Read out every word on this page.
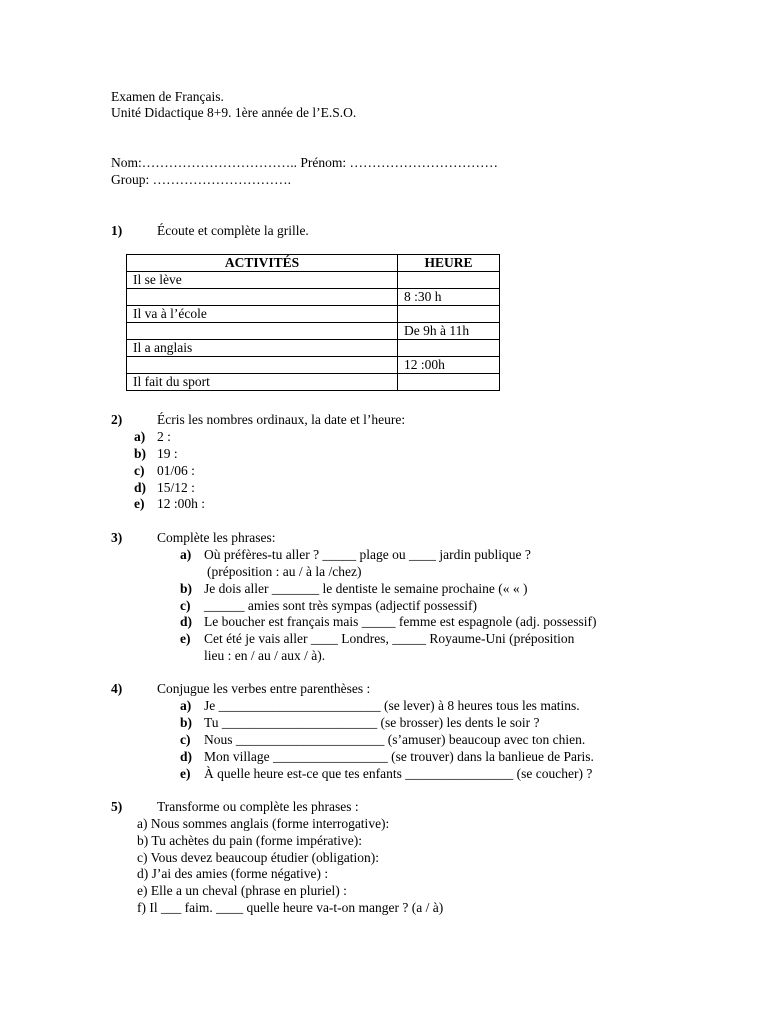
Examen de Français.
Unité Didactique 8+9. 1ère année de l’E.S.O.
Nom:…………………………….. Prénom: ……………………………
Group: ………………………….
1)	Écoute et complète la grille.
ACTIVITÉS	HEURE
Il se lève	
	8 :30 h
Il va à l’école	
	De 9h à 11h
Il a anglais	
	12 :00h
Il fait du sport	
2)	Écris les nombres ordinaux, la date et l’heure:
a) 2 :
b) 19 :
c) 01/06 :
d) 15/12 :
e) 12 :00h :
3)	Complète les phrases:
a) Où préfères-tu aller ? _____ plage ou ____ jardin publique ?
(préposition : au / à la /chez)
b) Je dois aller _______ le dentiste le semaine prochaine (« « )
c) ______ amies sont très sympas (adjectif possessif)
d) Le boucher est français mais _____ femme est espagnole (adj. possessif)
e) Cet été je vais aller ____ Londres, _____ Royaume-Uni (préposition
lieu : en / au / aux / à).
4)	Conjugue les verbes entre parenthèses :
a) Je ________________________ (se lever) à 8 heures tous les matins.
b) Tu _______________________ (se brosser) les dents le soir ?
c) Nous ______________________ (s’amuser) beaucoup avec ton chien.
d) Mon village _________________ (se trouver) dans la banlieue de Paris.
e) À quelle heure est-ce que tes enfants ________________ (se coucher) ?
5)	Transforme ou complète les phrases :
a) Nous sommes anglais (forme interrogative):
b) Tu achètes du pain (forme impérative):
c) Vous devez beaucoup étudier (obligation):
d) J’ai des amies (forme négative) :
e) Elle a un cheval (phrase en pluriel) :
f) Il ___ faim. ____ quelle heure va-t-on manger ? (a / à)
